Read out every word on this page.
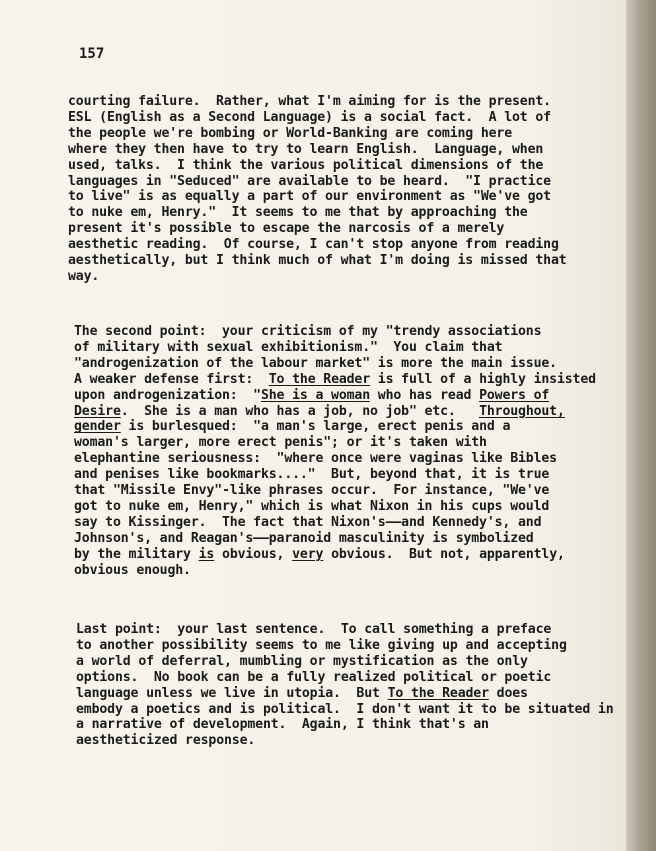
157
courting failure.  Rather, what I'm aiming for is the present.
ESL (English as a Second Language) is a social fact.  A lot of
the people we're bombing or World-Banking are coming here
where they then have to try to learn English.  Language, when
used, talks.  I think the various political dimensions of the
languages in "Seduced" are available to be heard.  "I practice
to live" is as equally a part of our environment as "We've got
to nuke em, Henry."  It seems to me that by approaching the
present it's possible to escape the narcosis of a merely
aesthetic reading.  Of course, I can't stop anyone from reading
aesthetically, but I think much of what I'm doing is missed that
way.
The second point:  your criticism of my "trendy associations
of military with sexual exhibitionism."  You claim that
"androgenization of the labour market" is more the main issue.
A weaker defense first:  To the Reader is full of a highly insisted
upon androgenization:  "She is a woman who has read Powers of
Desire.  She is a man who has a job, no job" etc.   Throughout,
gender is burlesqued:  "a man's large, erect penis and a
woman's larger, more erect penis"; or it's taken with
elephantine seriousness:  "where once were vaginas like Bibles
and penises like bookmarks...."  But, beyond that, it is true
that "Missile Envy"-like phrases occur.  For instance, "We've
got to nuke em, Henry," which is what Nixon in his cups would
say to Kissinger.  The fact that Nixon's——and Kennedy's, and
Johnson's, and Reagan's——paranoid masculinity is symbolized
by the military is obvious, very obvious.  But not, apparently,
obvious enough.
Last point:  your last sentence.  To call something a preface
to another possibility seems to me like giving up and accepting
a world of deferral, mumbling or mystification as the only
options.  No book can be a fully realized political or poetic
language unless we live in utopia.  But To the Reader does
embody a poetics and is political.  I don't want it to be situated in
a narrative of development.  Again, I think that's an
aestheticized response.
